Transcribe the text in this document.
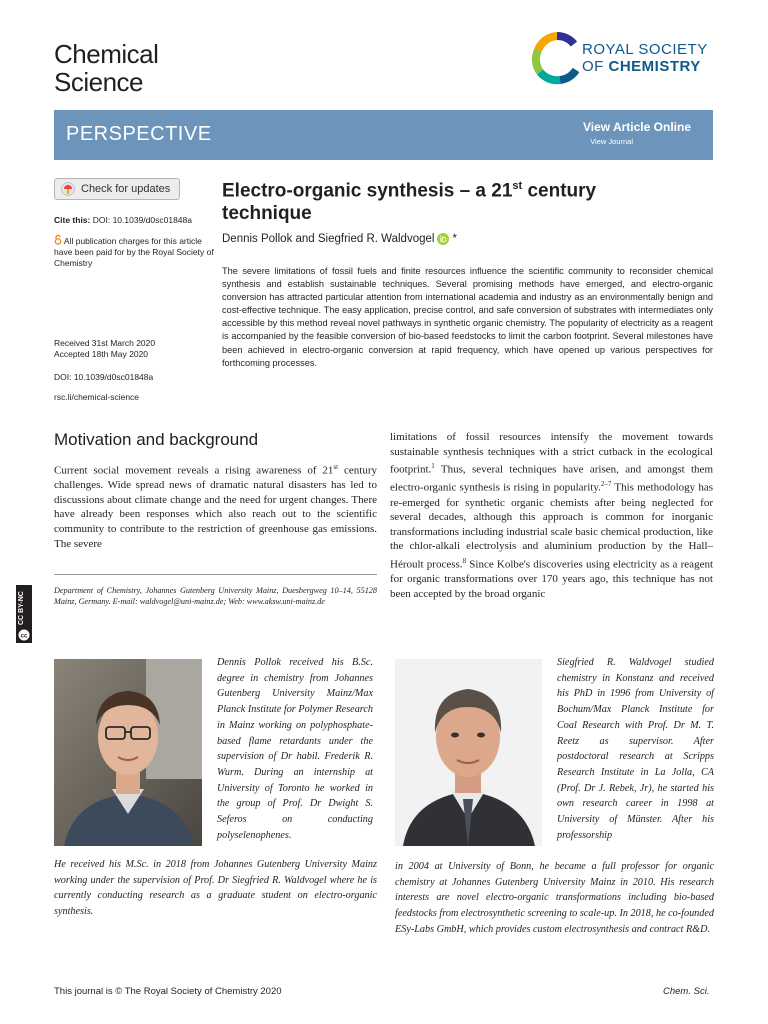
Chemical
Science
ROYAL SOCIETY
OF CHEMISTRY
PERSPECTIVE	View Article Online
View Journal
Check for updates
Cite this: DOI: 10.1039/d0sc01848a
All publication charges for this article have been paid for by the Royal Society of Chemistry
Received 31st March 2020
Accepted 18th May 2020
DOI: 10.1039/d0sc01848a
rsc.li/chemical-science
Electro-organic synthesis – a 21st century technique
Dennis Pollok and Siegfried R. Waldvogel *
The severe limitations of fossil fuels and finite resources influence the scientific community to reconsider chemical synthesis and establish sustainable techniques. Several promising methods have emerged, and electro-organic conversion has attracted particular attention from international academia and industry as an environmentally benign and cost-effective technique. The easy application, precise control, and safe conversion of substrates with intermediates only accessible by this method reveal novel pathways in synthetic organic chemistry. The popularity of electricity as a reagent is accompanied by the feasible conversion of bio-based feedstocks to limit the carbon footprint. Several milestones have been achieved in electro-organic conversion at rapid frequency, which have opened up various perspectives for forthcoming processes.
Motivation and background
Current social movement reveals a rising awareness of 21st century challenges. Wide spread news of dramatic natural disasters has led to discussions about climate change and the need for urgent changes. There have already been responses which also reach out to the scientific community to contribute to the restriction of greenhouse gas emissions. The severe
Department of Chemistry, Johannes Gutenberg University Mainz, Duesbergweg 10–14, 55128 Mainz, Germany. E-mail: waldvogel@uni-mainz.de; Web: www.aksw.uni-mainz.de
cc
CC BY-NC
limitations of fossil resources intensify the movement towards sustainable synthesis techniques with a strict cutback in the ecological footprint.$^1$ Thus, several techniques have arisen, and amongst them electro-organic synthesis is rising in popularity.$^{2-7}$ This methodology has re-emerged for synthetic organic chemists after being neglected for several decades, although this approach is common for inorganic transformations including industrial scale basic chemical production, like the chlor-alkali electrolysis and aluminium production by the Hall–Héroult process.$^8$ Since Kolbe's discoveries using electricity as a reagent for organic transformations over 170 years ago, this technique has not been accepted by the broad organic
Dennis Pollok received his B.Sc. degree in chemistry from Johannes Gutenberg University Mainz/Max Planck Institute for Polymer Research in Mainz working on polyphosphate-based flame retardants under the supervision of Dr habil. Frederik R. Wurm. During an internship at University of Toronto he worked in the group of Prof. Dr Dwight S. Seferos on conducting polyselenophenes.
He received his M.Sc. in 2018 from Johannes Gutenberg University Mainz working under the supervision of Prof. Dr Siegfried R. Waldvogel where he is currently conducting research as a graduate student on electro-organic synthesis.
Siegfried R. Waldvogel studied chemistry in Konstanz and received his PhD in 1996 from University of Bochum/Max Planck Institute for Coal Research with Prof. Dr M. T. Reetz as supervisor. After postdoctoral research at Scripps Research Institute in La Jolla, CA (Prof. Dr J. Rebek, Jr), he started his own research career in 1998 at University of Münster. After his professorship
in 2004 at University of Bonn, he became a full professor for organic chemistry at Johannes Gutenberg University Mainz in 2010. His research interests are novel electro-organic transformations including bio-based feedstocks from electrosynthetic screening to scale-up. In 2018, he co-founded ESy-Labs GmbH, which provides custom electrosynthesis and contract R&D.
This journal is © The Royal Society of Chemistry 2020	Chem. Sci.
